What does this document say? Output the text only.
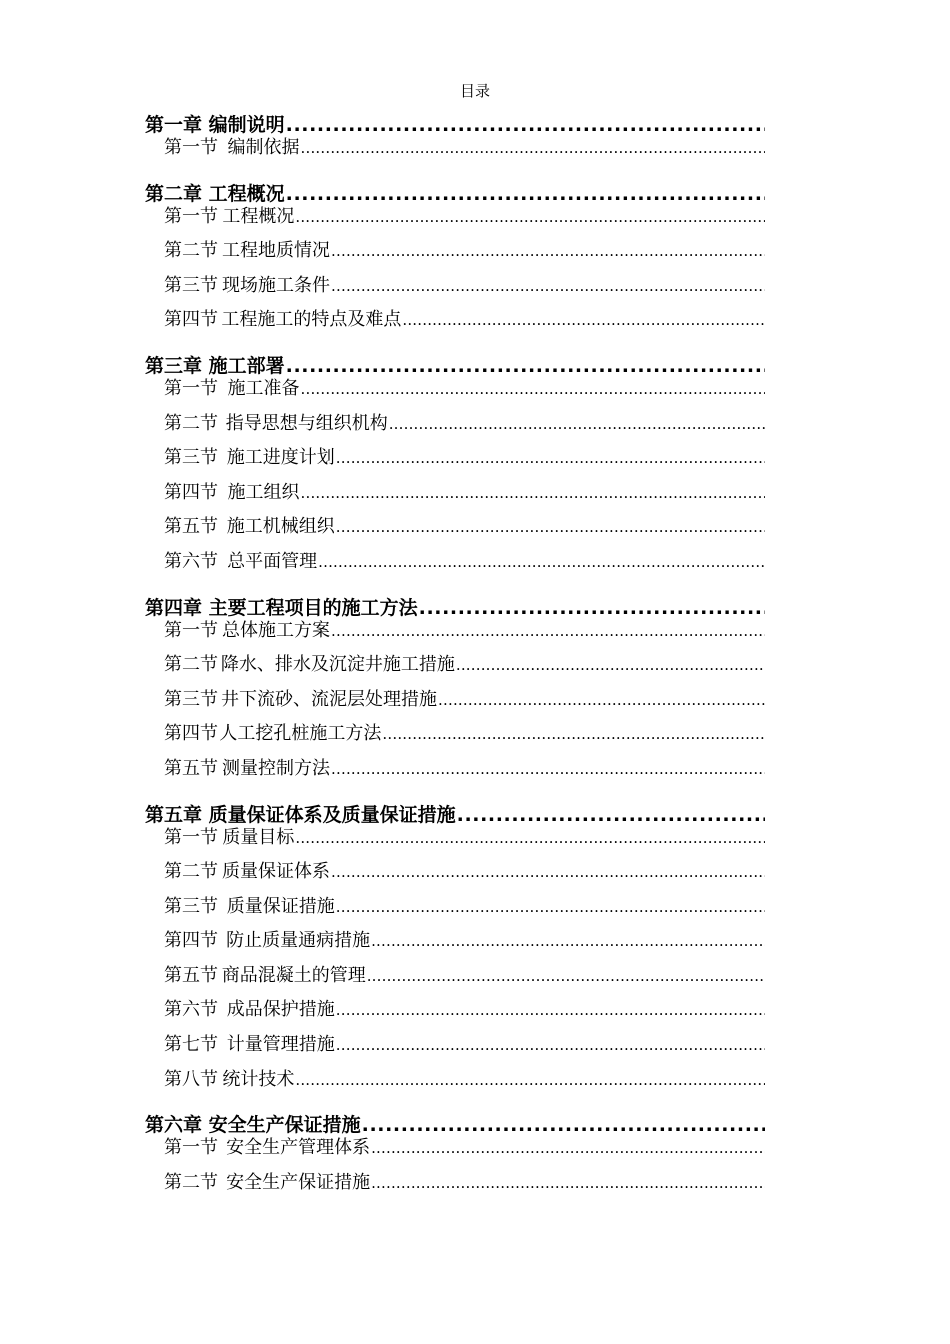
目录
第一章 编制说明
.....
第一节 编制依据
.....
第二章 工程概况
.....
第一节 工程概况
.....
第二节 工程地质情况
.....
第三节 现场施工条件
.....
第四节 工程施工的特点及难点
.....
第三章 施工部署
.....
第一节 施工准备
.....
第二节 指导思想与组织机构
.....
第三节 施工进度计划
.....
第四节 施工组织
.....
第五节 施工机械组织
.....
第六节 总平面管理
.....
第四章 主要工程项目的施工方法
.....
第一节 总体施工方案
.....
第二节 降水、排水及沉淀井施工措施
.....
第三节 井下流砂、流泥层处理措施
.....
第四节 人工挖孔桩施工方法
.....
第五节 测量控制方法
.....
第五章 质量保证体系及质量保证措施
.....
第一节 质量目标
.....
第二节 质量保证体系
.....
第三节 质量保证措施
.....
第四节 防止质量通病措施
.....
第五节 商品混凝土的管理
.....
第六节 成品保护措施
.....
第七节 计量管理措施
.....
第八节 统计技术
.....
第六章 安全生产保证措施
.....
第一节 安全生产管理体系
.....
第二节 安全生产保证措施
.....
